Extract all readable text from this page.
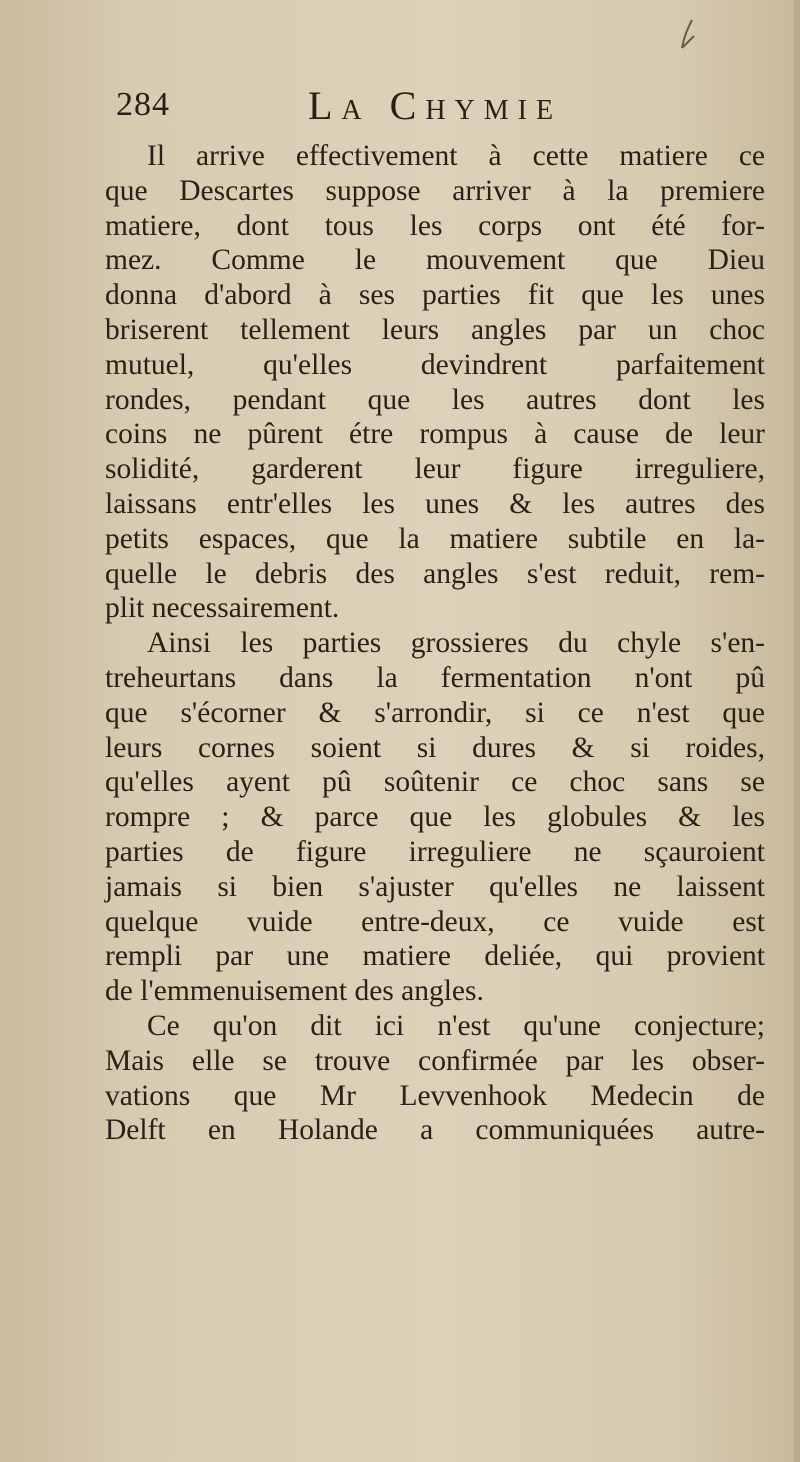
284	La Chymie
Il arrive effectivement à cette matiere ce
que Descartes suppose arriver à la premiere
matiere, dont tous les corps ont été for-
mez. Comme le mouvement que Dieu
donna d'abord à ses parties fit que les unes
briserent tellement leurs angles par un choc
mutuel, qu'elles devindrent parfaitement
rondes, pendant que les autres dont les
coins ne pûrent étre rompus à cause de leur
solidité, garderent leur figure irreguliere,
laissans entr'elles les unes & les autres des
petits espaces, que la matiere subtile en la-
quelle le debris des angles s'est reduit, rem-
plit necessairement.
Ainsi les parties grossieres du chyle s'en-
treheurtans dans la fermentation n'ont pû
que s'écorner & s'arrondir, si ce n'est que
leurs cornes soient si dures & si roides,
qu'elles ayent pû soûtenir ce choc sans se
rompre ; & parce que les globules & les
parties de figure irreguliere ne sçauroient
jamais si bien s'ajuster qu'elles ne laissent
quelque vuide entre-deux, ce vuide est
rempli par une matiere deliée, qui provient
de l'emmenuisement des angles.
Ce qu'on dit ici n'est qu'une conjecture;
Mais elle se trouve confirmée par les obser-
vations que Mr Levvenhook Medecin de
Delft en Holande a communiquées autre-
